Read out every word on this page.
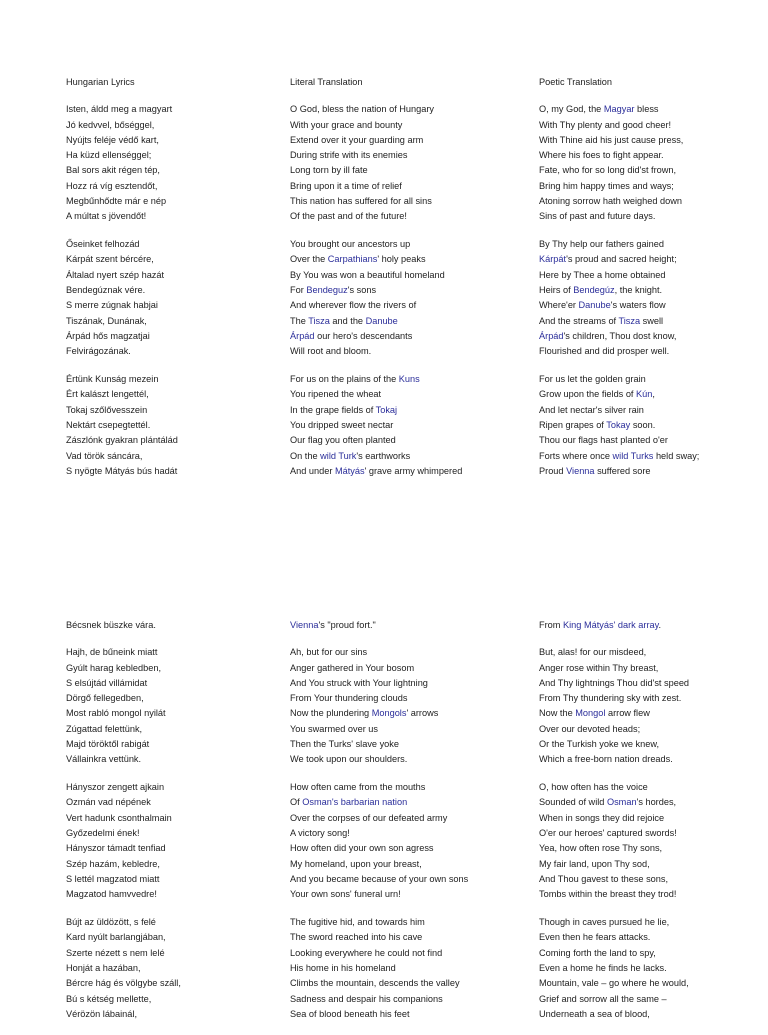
Hungarian Lyrics
Isten, áldd meg a magyart
Jó kedvvel, bőséggel,
Nyújts feléje védő kart,
Ha küzd ellenséggel;
Bal sors akit régen tép,
Hozz rá víg esztendőt,
Megbűnhődte már e nép
A múltat s jövendőt!
Őseinket felhozád
Kárpát szent bércére,
Általad nyert szép hazát
Bendegúznak vére.
S merre zúgnak habjai
Tiszának, Dunának,
Árpád hős magzatjai
Felvirágozának.
Értünk Kunság mezein
Ért kalászt lengettél,
Tokaj szőlővesszein
Nektárt csepegtettél.
Zászlónk gyakran plántálád
Vad török sáncára,
S nyögte Mátyás bús hadát
Literal Translation
O God, bless the nation of Hungary
With your grace and bounty
Extend over it your guarding arm
During strife with its enemies
Long torn by ill fate
Bring upon it a time of relief
This nation has suffered for all sins
Of the past and of the future!
You brought our ancestors up
Over the Carpathians' holy peaks
By You was won a beautiful homeland
For Bendeguz's sons
And wherever flow the rivers of
The Tisza and the Danube
Árpád our hero's descendants
Will root and bloom.
For us on the plains of the Kuns
You ripened the wheat
In the grape fields of Tokaj
You dripped sweet nectar
Our flag you often planted
On the wild Turk's earthworks
And under Mátyás' grave army whimpered
Poetic Translation
O, my God, the Magyar bless
With Thy plenty and good cheer!
With Thine aid his just cause press,
Where his foes to fight appear.
Fate, who for so long did'st frown,
Bring him happy times and ways;
Atoning sorrow hath weighed down
Sins of past and future days.
By Thy help our fathers gained
Kárpát's proud and sacred height;
Here by Thee a home obtained
Heirs of Bendegúz, the knight.
Where'er Danube's waters flow
And the streams of Tisza swell
Árpád's children, Thou dost know,
Flourished and did prosper well.
For us let the golden grain
Grow upon the fields of Kún,
And let nectar's silver rain
Ripen grapes of Tokay soon.
Thou our flags hast planted o'er
Forts where once wild Turks held sway;
Proud Vienna suffered sore
Bécsnek büszke vára.
Hajh, de bűneink miatt
Gyúlt harag kebledben,
S elsújtád villámidat
Dörgő fellegedben,
Most rabló mongol nyilát
Zúgattad felettünk,
Majd töröktől rabigát
Vállainkra vettünk.
Hányszor zengett ajkain
Ozmán vad népének
Vert hadunk csonthalmain
Győzedelmi ének!
Hányszor támadt tenfiad
Szép hazám, kebledre,
S lettél magzatod miatt
Magzatod hamvvedre!
Bújt az üldözött, s felé
Kard nyúlt barlangjában,
Szerte nézett s nem lelé
Honját a hazában,
Bércre hág és völgybe száll,
Bú s kétség mellette,
Vérözön lábainál,
Vienna's "proud fort."
Ah, but for our sins
Anger gathered in Your bosom
And You struck with Your lightning
From Your thundering clouds
Now the plundering Mongols' arrows
You swarmed over us
Then the Turks' slave yoke
We took upon our shoulders.
How often came from the mouths
Of Osman's barbarian nation
Over the corpses of our defeated army
A victory song!
How often did your own son agress
My homeland, upon your breast,
And you became because of your own sons
Your own sons' funeral urn!
The fugitive hid, and towards him
The sword reached into his cave
Looking everywhere he could not find
His home in his homeland
Climbs the mountain, descends the valley
Sadness and despair his companions
Sea of blood beneath his feet
From King Mátyás' dark array.
But, alas! for our misdeed,
Anger rose within Thy breast,
And Thy lightnings Thou did'st speed
From Thy thundering sky with zest.
Now the Mongol arrow flew
Over our devoted heads;
Or the Turkish yoke we knew,
Which a free-born nation dreads.
O, how often has the voice
Sounded of wild Osman's hordes,
When in songs they did rejoice
O'er our heroes' captured swords!
Yea, how often rose Thy sons,
My fair land, upon Thy sod,
And Thou gavest to these sons,
Tombs within the breast they trod!
Though in caves pursued he lie,
Even then he fears attacks.
Coming forth the land to spy,
Even a home he finds he lacks.
Mountain, vale – go where he would,
Grief and sorrow all the same –
Underneath a sea of blood,
